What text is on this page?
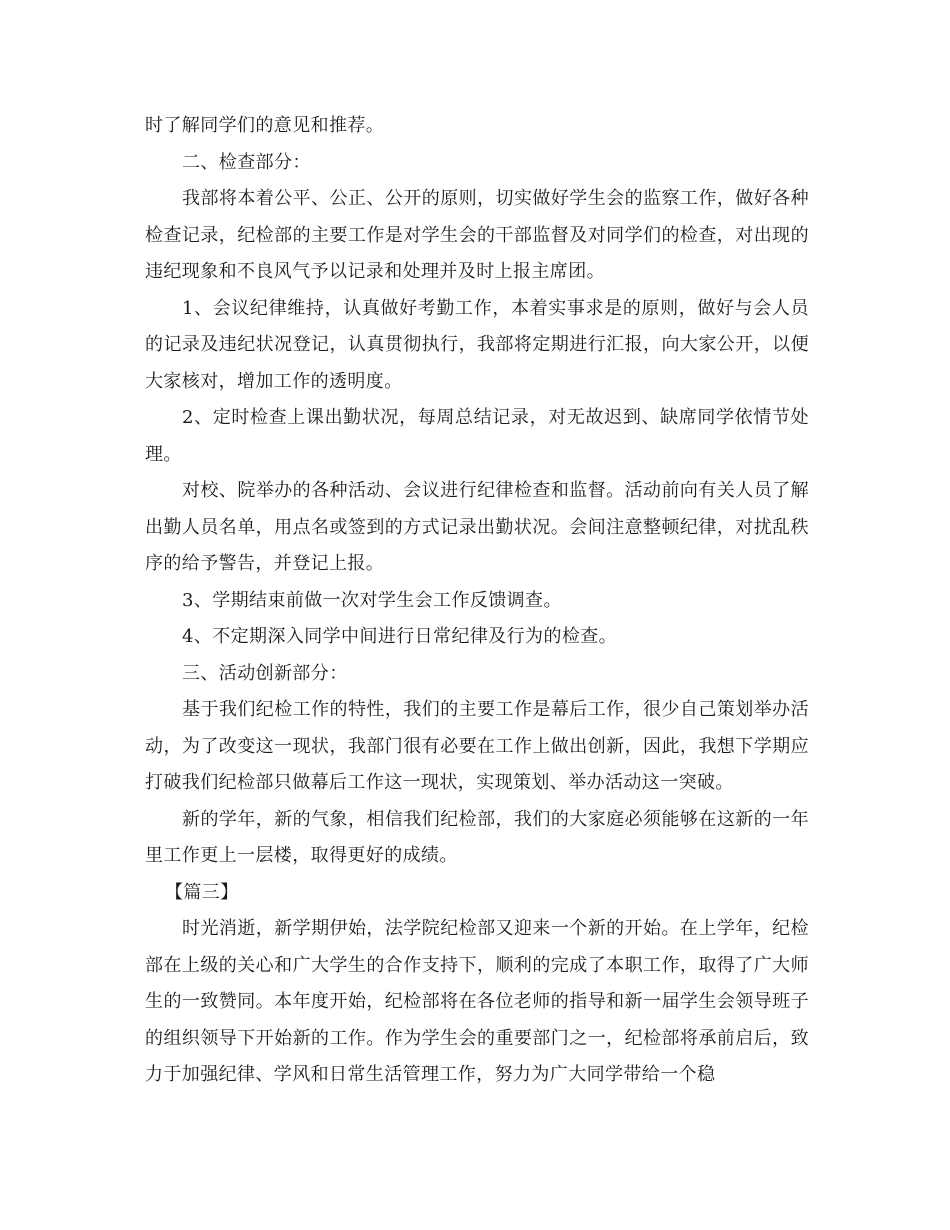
时了解同学们的意见和推荐。

二、检查部分：

我部将本着公平、公正、公开的原则，切实做好学生会的监察工作，做好各种检查记录，纪检部的主要工作是对学生会的干部监督及对同学们的检查，对出现的违纪现象和不良风气予以记录和处理并及时上报主席团。

1、会议纪律维持，认真做好考勤工作，本着实事求是的原则，做好与会人员的记录及违纪状况登记，认真贯彻执行，我部将定期进行汇报，向大家公开，以便大家核对，增加工作的透明度。

2、定时检查上课出勤状况，每周总结记录，对无故迟到、缺席同学依情节处理。

对校、院举办的各种活动、会议进行纪律检查和监督。活动前向有关人员了解出勤人员名单，用点名或签到的方式记录出勤状况。会间注意整顿纪律，对扰乱秩序的给予警告，并登记上报。

3、学期结束前做一次对学生会工作反馈调查。

4、不定期深入同学中间进行日常纪律及行为的检查。

三、活动创新部分：

基于我们纪检工作的特性，我们的主要工作是幕后工作，很少自己策划举办活动，为了改变这一现状，我部门很有必要在工作上做出创新，因此，我想下学期应打破我们纪检部只做幕后工作这一现状，实现策划、举办活动这一突破。

新的学年，新的气象，相信我们纪检部，我们的大家庭必须能够在这新的一年里工作更上一层楼，取得更好的成绩。

【篇三】

时光消逝，新学期伊始，法学院纪检部又迎来一个新的开始。在上学年，纪检部在上级的关心和广大学生的合作支持下，顺利的完成了本职工作，取得了广大师生的一致赞同。本年度开始，纪检部将在各位老师的指导和新一届学生会领导班子的组织领导下开始新的工作。作为学生会的重要部门之一，纪检部将承前启后，致力于加强纪律、学风和日常生活管理工作，努力为广大同学带给一个稳
